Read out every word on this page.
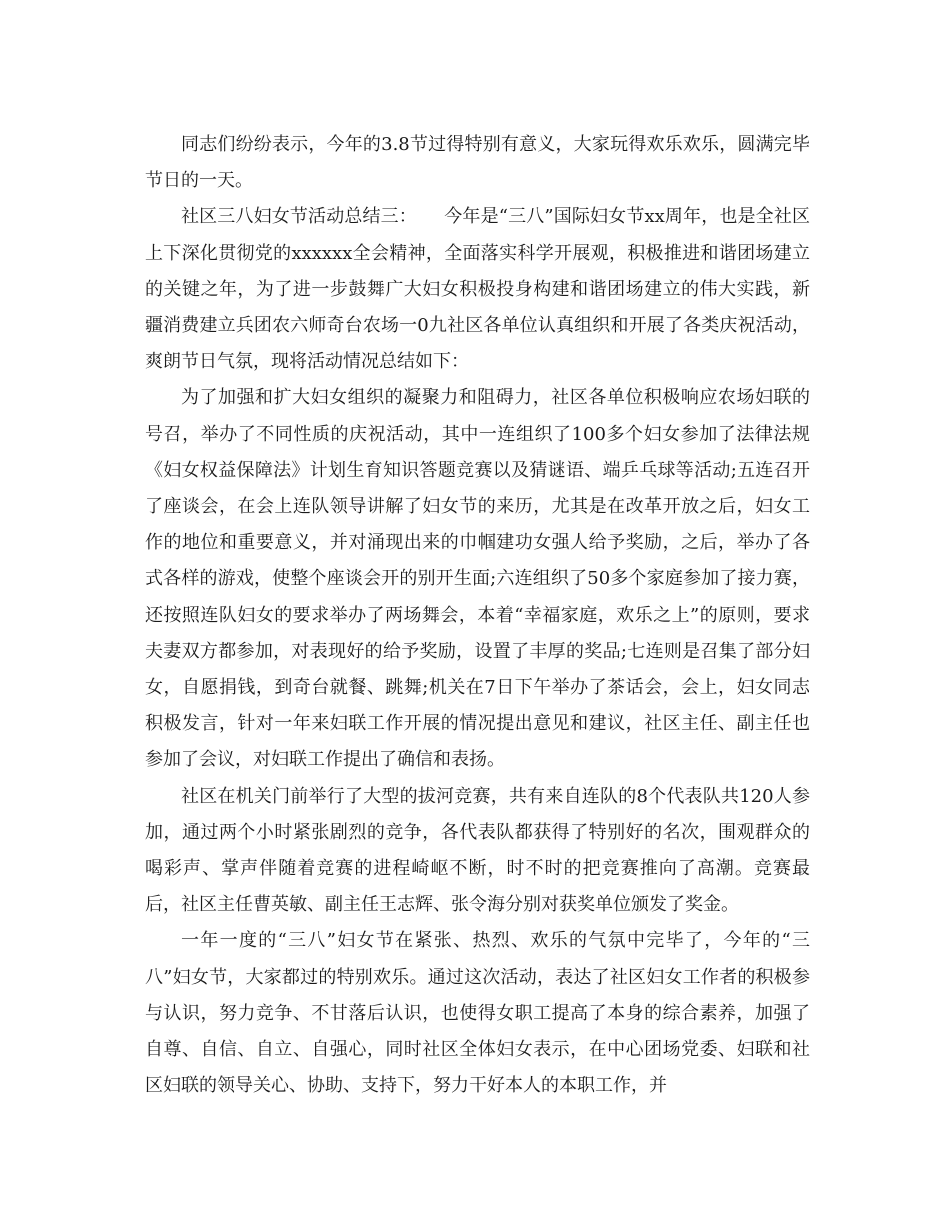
同志们纷纷表示，今年的3.8节过得特别有意义，大家玩得欢乐欢乐，圆满完毕节日的一天。

社区三八妇女节活动总结三：　　今年是“三八”国际妇女节xx周年，也是全社区上下深化贯彻党的xxxxxx全会精神，全面落实科学开展观，积极推进和谐团场建立的关键之年，为了进一步鼓舞广大妇女积极投身构建和谐团场建立的伟大实践，新疆消费建立兵团农六师奇台农场一0九社区各单位认真组织和开展了各类庆祝活动，爽朗节日气氛，现将活动情况总结如下：

为了加强和扩大妇女组织的凝聚力和阻碍力，社区各单位积极响应农场妇联的号召，举办了不同性质的庆祝活动，其中一连组织了100多个妇女参加了法律法规《妇女权益保障法》计划生育知识答题竞赛以及猜谜语、端乒乓球等活动;五连召开了座谈会，在会上连队领导讲解了妇女节的来历，尤其是在改革开放之后，妇女工作的地位和重要意义，并对涌现出来的巾帼建功女强人给予奖励，之后，举办了各式各样的游戏，使整个座谈会开的别开生面;六连组织了50多个家庭参加了接力赛，还按照连队妇女的要求举办了两场舞会，本着“幸福家庭，欢乐之上”的原则，要求夫妻双方都参加，对表现好的给予奖励，设置了丰厚的奖品;七连则是召集了部分妇女，自愿捐钱，到奇台就餐、跳舞;机关在7日下午举办了茶话会，会上，妇女同志积极发言，针对一年来妇联工作开展的情况提出意见和建议，社区主任、副主任也参加了会议，对妇联工作提出了确信和表扬。

社区在机关门前举行了大型的拔河竞赛，共有来自连队的8个代表队共120人参加，通过两个小时紧张剧烈的竞争，各代表队都获得了特别好的名次，围观群众的喝彩声、掌声伴随着竞赛的进程崎岖不断，时不时的把竞赛推向了高潮。竞赛最后，社区主任曹英敏、副主任王志辉、张令海分别对获奖单位颁发了奖金。

一年一度的“三八”妇女节在紧张、热烈、欢乐的气氛中完毕了，今年的“三八”妇女节，大家都过的特别欢乐。通过这次活动，表达了社区妇女工作者的积极参与认识，努力竞争、不甘落后认识，也使得女职工提高了本身的综合素养，加强了自尊、自信、自立、自强心，同时社区全体妇女表示，在中心团场党委、妇联和社区妇联的领导关心、协助、支持下，努力干好本人的本职工作，并
